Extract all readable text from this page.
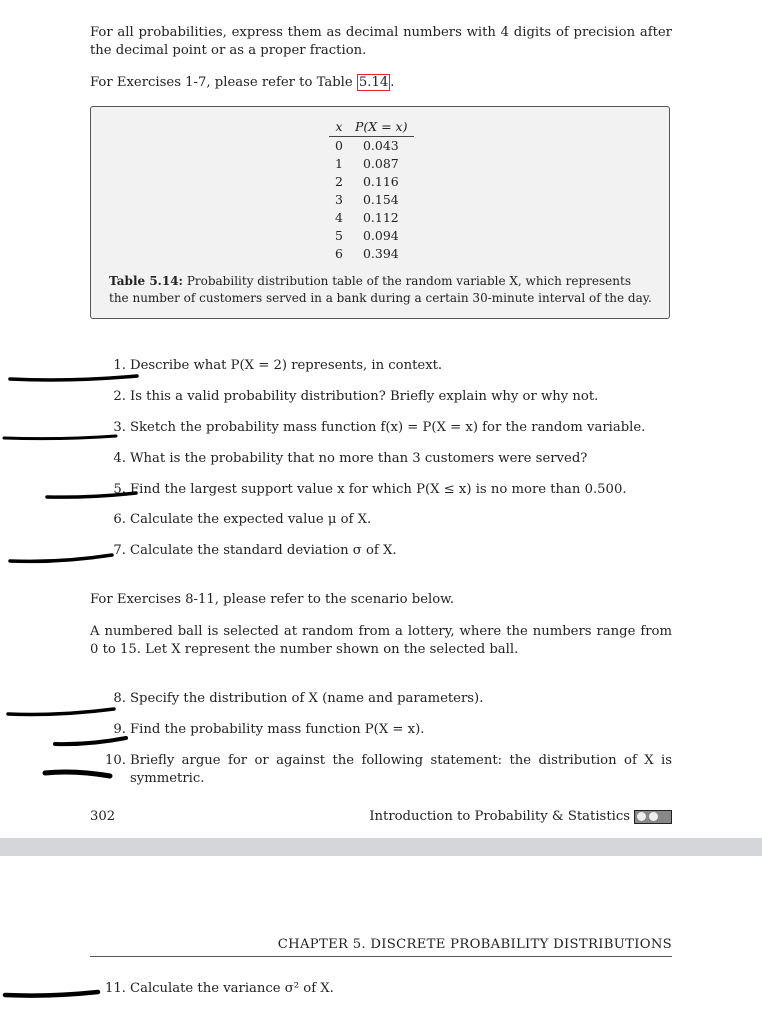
For all probabilities, express them as decimal numbers with 4 digits of precision after the decimal point or as a proper fraction.
For Exercises 1-7, please refer to Table 5.14 .
x	P(X = x)
0	0.043
1	0.087
2	0.116
3	0.154
4	0.112
5	0.094
6	0.394
Table 5.14: Probability distribution table of the random variable X, which represents the number of customers served in a bank during a certain 30-minute interval of the day.
1. Describe what P(X = 2) represents, in context.
2. Is this a valid probability distribution? Briefly explain why or why not.
3. Sketch the probability mass function f(x) = P(X = x) for the random variable.
4. What is the probability that no more than 3 customers were served?
5. Find the largest support value x for which P(X ≤ x) is no more than 0.500.
6. Calculate the expected value μ of X.
7. Calculate the standard deviation σ of X.
For Exercises 8-11, please refer to the scenario below.
A numbered ball is selected at random from a lottery, where the numbers range from 0 to 15. Let X represent the number shown on the selected ball.
8. Specify the distribution of X (name and parameters).
9. Find the probability mass function P(X = x).
10. Briefly argue for or against the following statement: the distribution of X is symmetric.
302	Introduction to Probability & Statistics
CHAPTER 5. DISCRETE PROBABILITY DISTRIBUTIONS
11. Calculate the variance σ² of X.
